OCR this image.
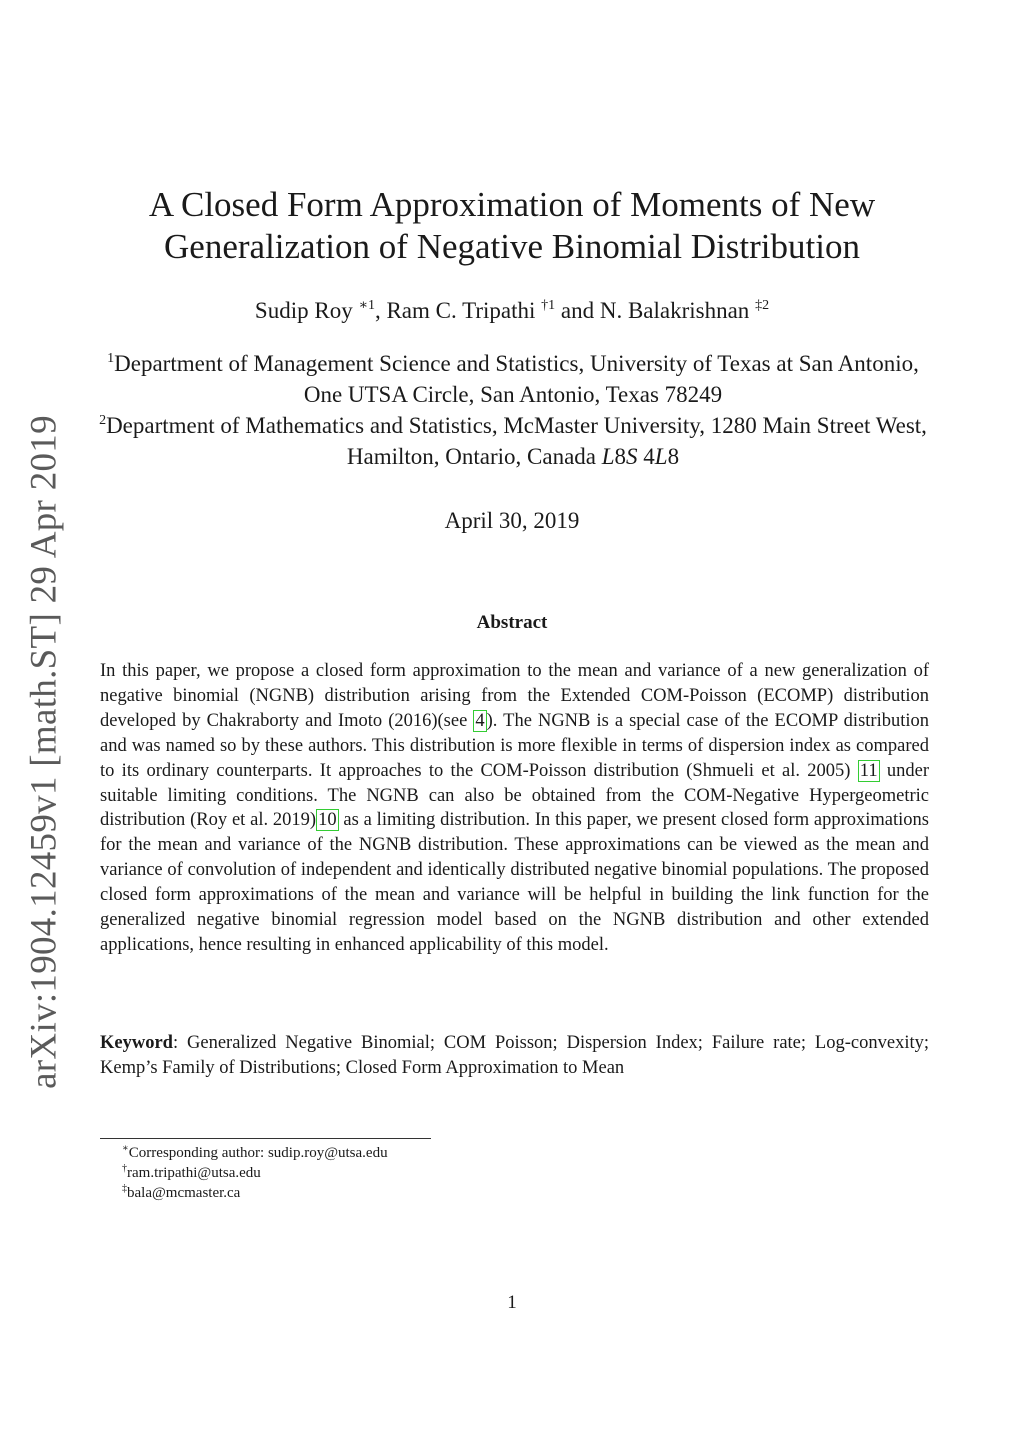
arXiv:1904.12459v1 [math.ST] 29 Apr 2019
A Closed Form Approximation of Moments of New
Generalization of Negative Binomial Distribution
Sudip Roy $^{∗1}$, Ram C. Tripathi $^{\dagger 1}$ and N. Balakrishnan $^{\ddagger 2}$
$^1$Department of Management Science and Statistics, University of Texas at San Antonio, One UTSA Circle, San Antonio, Texas 78249
$^2$Department of Mathematics and Statistics, McMaster University, 1280 Main Street West, Hamilton, Ontario, Canada L8S 4L8
April 30, 2019
Abstract

In this paper, we propose a closed form approximation to the mean and variance of a new generalization of negative binomial (NGNB) distribution arising from the Extended COM-Poisson (ECOMP) distribution developed by Chakraborty and Imoto (2016)(see 4 ). The NGNB is a special case of the ECOMP distribution and was named so by these authors. This distribution is more flexible in terms of dispersion index as compared to its ordinary counterparts. It approaches to the COM-Poisson distribution (Shmueli et al. 2005) 11 under suitable limiting conditions. The NGNB can also be obtained from the COM-Negative Hypergeometric distribution (Roy et al. 2019) 10 as a limiting distribution. In this paper, we present closed form approximations for the mean and variance of the NGNB distribution. These approximations can be viewed as the mean and variance of convolution of independent and identically distributed negative binomial populations. The proposed closed form approximations of the mean and variance will be helpful in building the link function for the generalized negative binomial regression model based on the NGNB distribution and other extended applications, hence resulting in enhanced applicability of this model.

Keyword: Generalized Negative Binomial; COM Poisson; Dispersion Index; Failure rate; Log-convexity; Kemp’s Family of Distributions; Closed Form Approximation to Mean

∗Corresponding author: sudip.roy@utsa.edu
†ram.tripathi@utsa.edu
‡bala@mcmaster.ca
1
